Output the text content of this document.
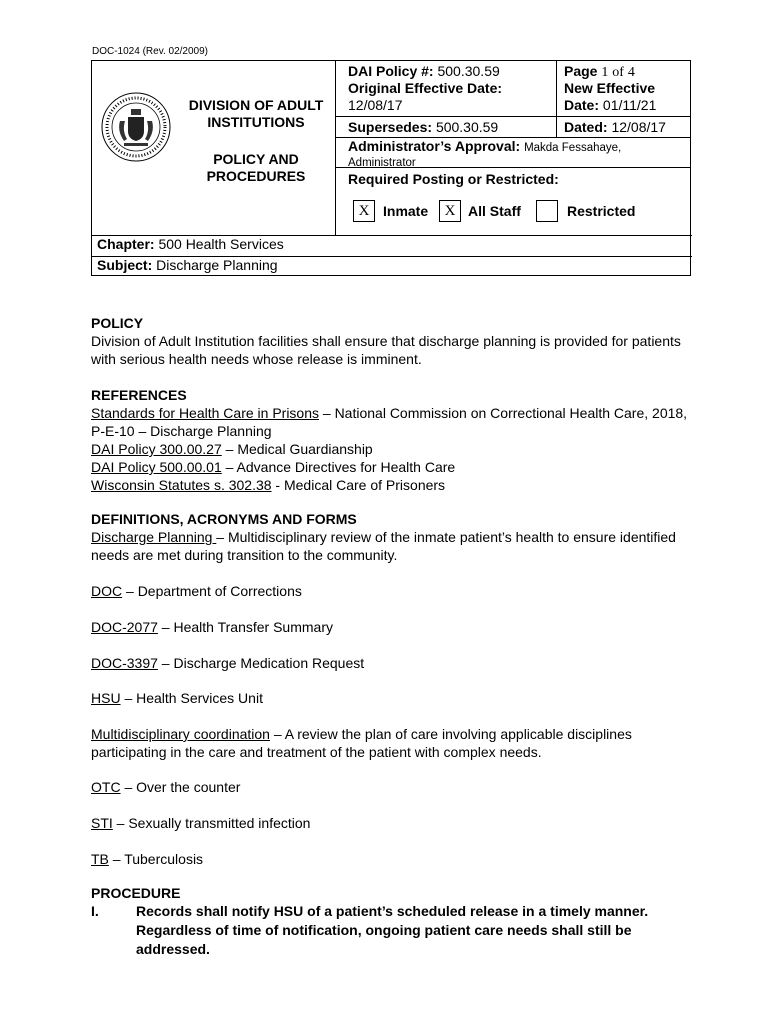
DOC-1024 (Rev. 02/2009)
DIVISION OF ADULT
INSTITUTIONS
POLICY AND
PROCEDURES
DAI Policy #: 500.30.59
Original Effective Date:
12/08/17
Page 1 of 4
New Effective
Date: 01/11/21
Supersedes: 500.30.59	Dated: 12/08/17
Administrator’s Approval: Makda Fessahaye,
Administrator
Required Posting or Restricted:
X Inmate	X All Staff	Restricted
Chapter: 500 Health Services
Subject: Discharge Planning
POLICY
Division of Adult Institution facilities shall ensure that discharge planning is provided for patients with serious health needs whose release is imminent.
REFERENCES
Standards for Health Care in Prisons – National Commission on Correctional Health Care, 2018, P-E-10 – Discharge Planning
DAI Policy 300.00.27 – Medical Guardianship
DAI Policy 500.00.01 – Advance Directives for Health Care
Wisconsin Statutes s. 302.38 - Medical Care of Prisoners
DEFINITIONS, ACRONYMS AND FORMS
Discharge Planning – Multidisciplinary review of the inmate patient’s health to ensure identified needs are met during transition to the community.
DOC – Department of Corrections
DOC-2077 – Health Transfer Summary
DOC-3397 – Discharge Medication Request
HSU – Health Services Unit
Multidisciplinary coordination – A review the plan of care involving applicable disciplines participating in the care and treatment of the patient with complex needs.
OTC – Over the counter
STI – Sexually transmitted infection
TB – Tuberculosis
PROCEDURE
I.	Records shall notify HSU of a patient’s scheduled release in a timely manner. Regardless of time of notification, ongoing patient care needs shall still be addressed.
